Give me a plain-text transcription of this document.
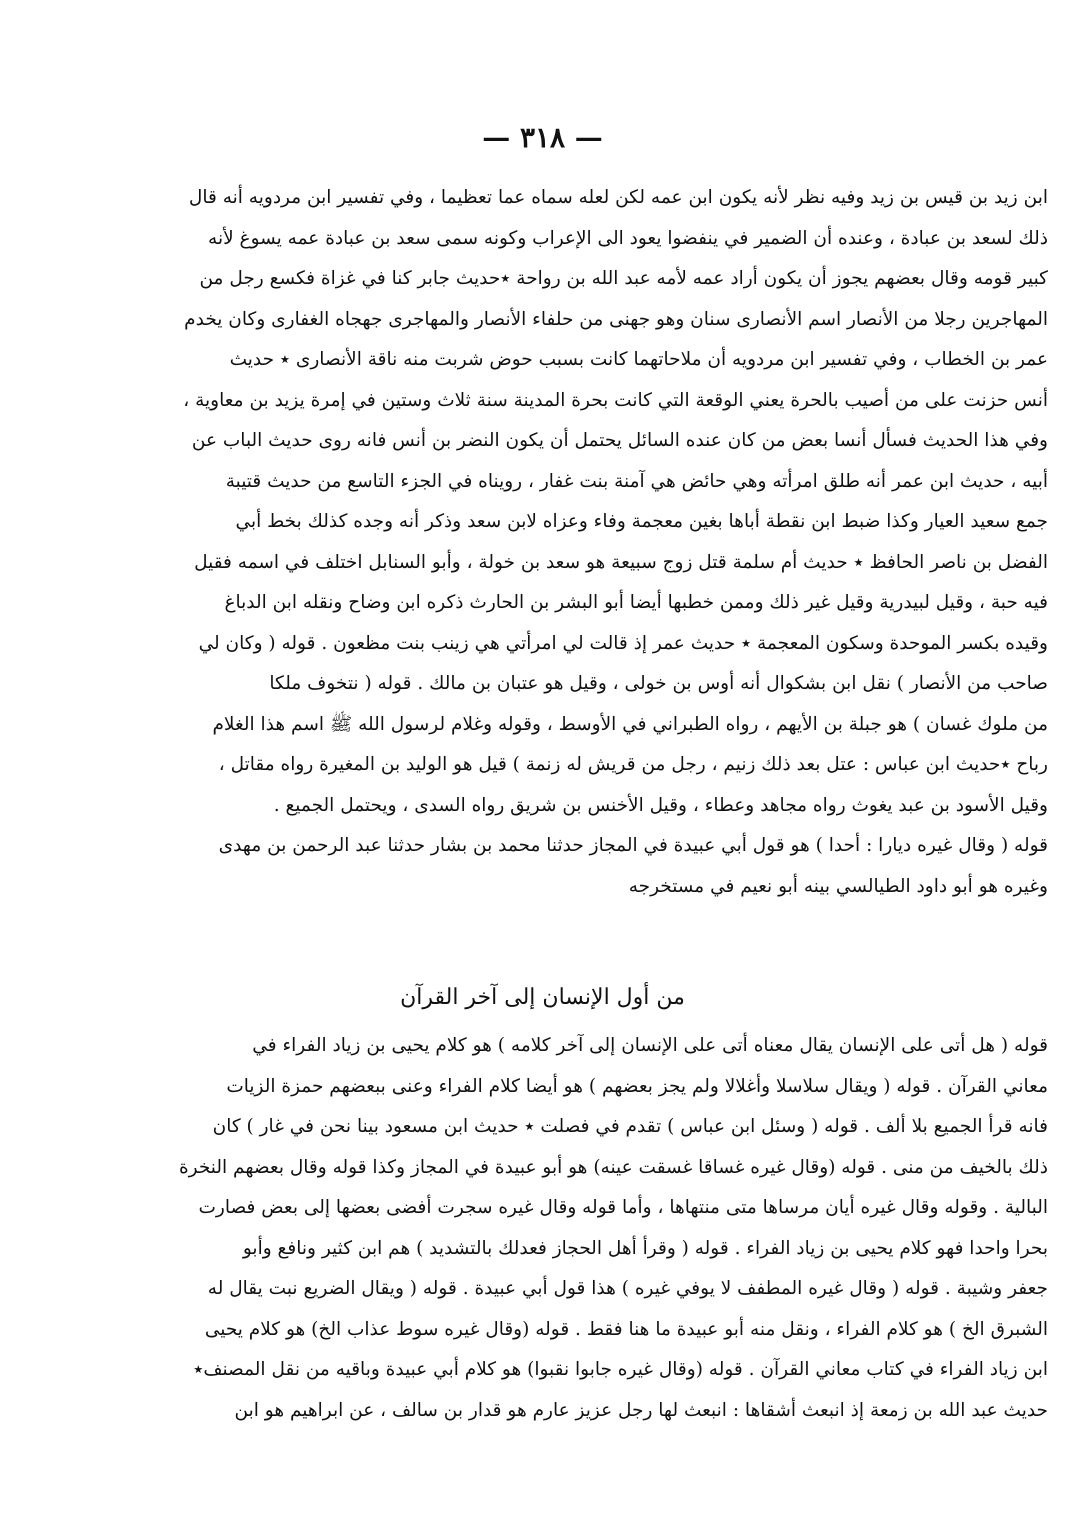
— ٣١٨ —
ابن زيد بن قيس بن زيد وفيه نظر لأنه يكون ابن عمه لكن لعله سماه عما تعظيما ، وفي تفسير ابن مردويه أنه قال
ذلك لسعد بن عبادة ، وعنده أن الضمير في ينفضوا يعود الى الإعراب وكونه سمى سعد بن عبادة عمه يسوغ لأنه
كبير قومه وقال بعضهم يجوز أن يكون أراد عمه لأمه عبد الله بن رواحة ٭حديث جابر كنا في غزاة فكسع رجل من
المهاجرين رجلا من الأنصار اسم الأنصارى سنان وهو جهنى من حلفاء الأنصار والمهاجرى جهجاه الغفارى وكان يخدم
عمر بن الخطاب ، وفي تفسير ابن مردويه أن ملاحاتهما كانت بسبب حوض شربت منه ناقة الأنصارى ٭ حديث
أنس حزنت على من أصيب بالحرة يعني الوقعة التي كانت بحرة المدينة سنة ثلاث وستين في إمرة يزيد بن معاوية ،
وفي هذا الحديث فسأل أنسا بعض من كان عنده السائل يحتمل أن يكون النضر بن أنس فانه روى حديث الباب عن
أبيه ، حديث ابن عمر أنه طلق امرأته وهي حائض هي آمنة بنت غفار ، رويناه في الجزء التاسع من حديث قتيبة
جمع سعيد العيار وكذا ضبط ابن نقطة أباها بغين معجمة وفاء وعزاه لابن سعد وذكر أنه وجده كذلك بخط أبي
الفضل بن ناصر الحافظ ٭ حديث أم سلمة قتل زوج سبيعة هو سعد بن خولة ، وأبو السنابل اختلف في اسمه فقيل
فيه حبة ، وقيل لبيدرية وقيل غير ذلك وممن خطبها أيضا أبو البشر بن الحارث ذكره ابن وضاح ونقله ابن الدباغ
وقيده بكسر الموحدة وسكون المعجمة ٭ حديث عمر إذ قالت لي امرأتي هي زينب بنت مظعون . قوله ( وكان لي
صاحب من الأنصار ) نقل ابن بشكوال أنه أوس بن خولى ، وقيل هو عتبان بن مالك . قوله ( نتخوف ملكا
من ملوك غسان ) هو جبلة بن الأيهم ، رواه الطبراني في الأوسط ، وقوله وغلام لرسول الله ﷺ اسم هذا الغلام
رباح ٭حديث ابن عباس : عتل بعد ذلك زنيم ، رجل من قريش له زنمة ) قيل هو الوليد بن المغيرة رواه مقاتل ،
وقيل الأسود بن عبد يغوث رواه مجاهد وعطاء ، وقيل الأخنس بن شريق رواه السدى ، ويحتمل الجميع .
قوله ( وقال غيره ديارا : أحدا ) هو قول أبي عبيدة في المجاز حدثنا محمد بن بشار حدثنا عبد الرحمن بن مهدى
وغيره هو أبو داود الطيالسي بينه أبو نعيم في مستخرجه
من أول الإنسان إلى آخر القرآن
قوله ( هل أتى على الإنسان يقال معناه أتى على الإنسان إلى آخر كلامه ) هو كلام يحيى بن زياد الفراء في
معاني القرآن . قوله ( ويقال سلاسلا وأغلالا ولم يجز بعضهم ) هو أيضا كلام الفراء وعنى ببعضهم حمزة الزيات
فانه قرأ الجميع بلا ألف . قوله ( وسئل ابن عباس ) تقدم في فصلت ٭ حديث ابن مسعود بينا نحن في غار ) كان
ذلك بالخيف من منى . قوله (وقال غيره غساقا غسقت عينه) هو أبو عبيدة في المجاز وكذا قوله وقال بعضهم النخرة
البالية . وقوله وقال غيره أيان مرساها متى منتهاها ، وأما قوله وقال غيره سجرت أفضى بعضها إلى بعض فصارت
بحرا واحدا فهو كلام يحيى بن زياد الفراء . قوله ( وقرأ أهل الحجاز فعدلك بالتشديد ) هم ابن كثير ونافع وأبو
جعفر وشيبة . قوله ( وقال غيره المطفف لا يوفي غيره ) هذا قول أبي عبيدة . قوله ( ويقال الضريع نبت يقال له
الشبرق الخ ) هو كلام الفراء ، ونقل منه أبو عبيدة ما هنا فقط . قوله (وقال غيره سوط عذاب الخ) هو كلام يحيى
ابن زياد الفراء في كتاب معاني القرآن . قوله (وقال غيره جابوا نقبوا) هو كلام أبي عبيدة وباقيه من نقل المصنف٭
حديث عبد الله بن زمعة إذ انبعث أشقاها : انبعث لها رجل عزيز عارم هو قدار بن سالف ، عن ابراهيم هو ابن
